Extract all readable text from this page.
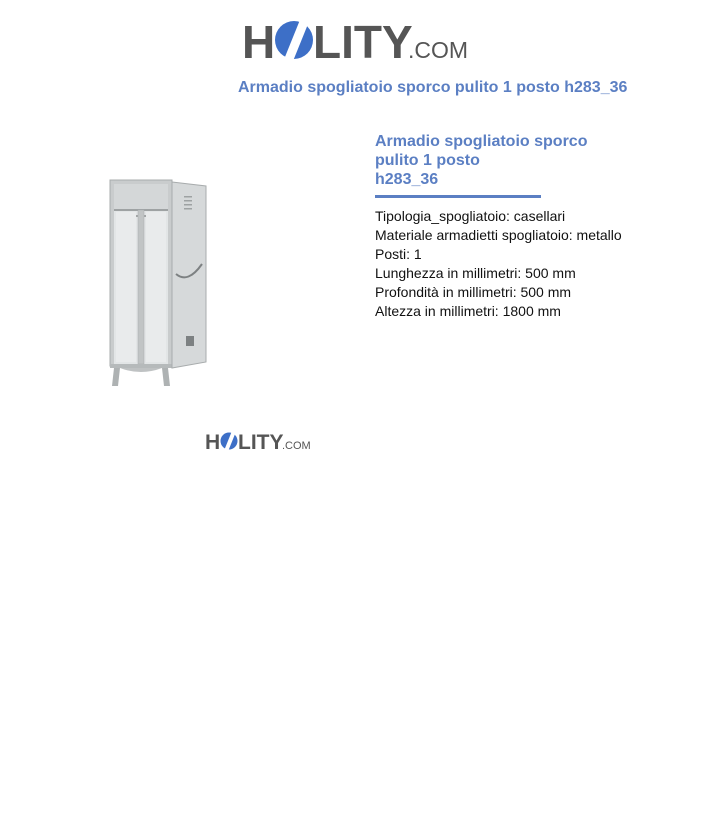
H LITY
.COM
Armadio spogliatoio sporco pulito 1 posto h283_36
H LITY
.COM
Armadio spogliatoio sporco
pulito 1 posto
h283_36
Tipologia_spogliatoio: casellari
Materiale armadietti spogliatoio: metallo
Posti: 1
Lunghezza in millimetri: 500 mm
Profondità in millimetri: 500 mm
Altezza in millimetri: 1800 mm
